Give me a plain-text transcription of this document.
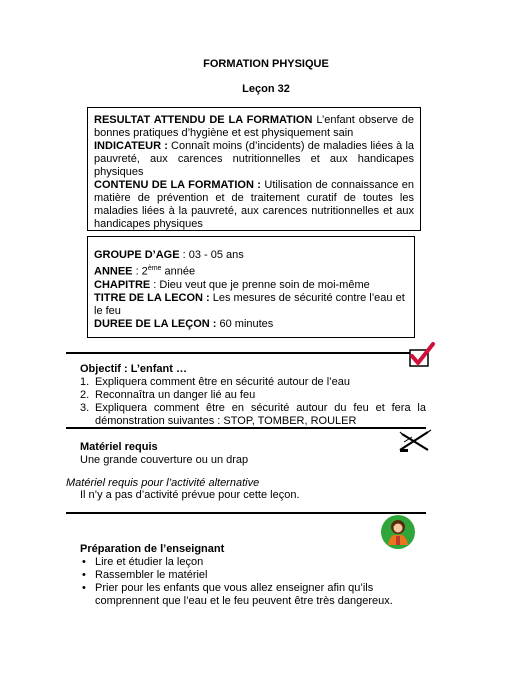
FORMATION PHYSIQUE
Leçon 32
RESULTAT ATTENDU DE LA FORMATION L’enfant observe de bonnes pratiques d’hygiène et est physiquement sain
INDICATEUR : Connaît moins (d’incidents) de maladies liées à la pauvreté, aux carences nutritionnelles et aux handicapes physiques
CONTENU DE LA FORMATION : Utilisation de connaissance en matière de prévention et de traitement curatif de toutes les maladies liées à la pauvreté, aux carences nutritionnelles et aux handicapes physiques
GROUPE D’AGE : 03 - 05 ans
ANNEE : 2ème année
CHAPITRE : Dieu veut que je prenne soin de moi-même
TITRE DE LA LECON : Les mesures de sécurité contre l’eau et le feu
DUREE DE LA LEÇON : 60 minutes
Objectif : L’enfant …
1. Expliquera comment être en sécurité autour de l’eau
2. Reconnaîtra un danger lié au feu
3. Expliquera comment être en sécurité autour du feu et fera la démonstration suivantes : STOP, TOMBER, ROULER
Matériel requis
Une grande couverture ou un drap
Matériel requis pour l’activité alternative
Il n’y a pas d’activité prévue pour cette leçon.
Préparation de l’enseignant
• Lire et étudier la leçon
• Rassembler le matériel
• Prier pour les enfants que vous allez enseigner afin qu’ils comprennent que l’eau et le feu peuvent être très dangereux.
